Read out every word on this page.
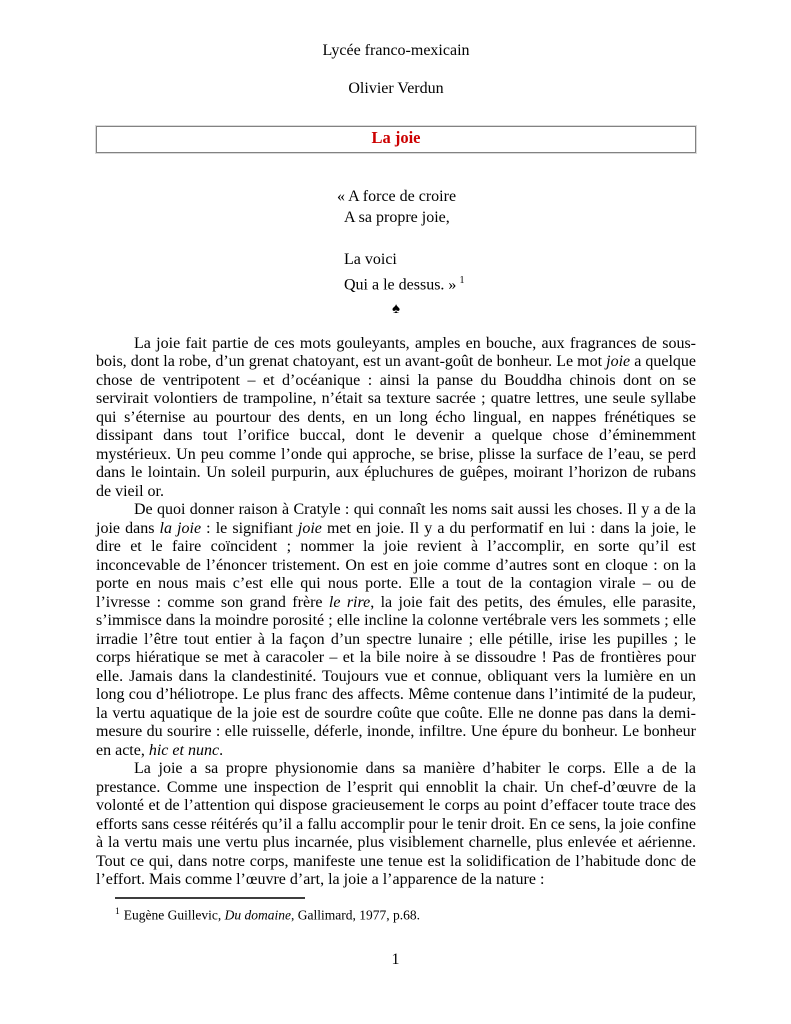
Lycée franco-mexicain
Olivier Verdun
La joie
« A force de croire
A sa propre joie,
La voici
Qui a le dessus. » $^1$
♠

La joie fait partie de ces mots gouleyants, amples en bouche, aux fragrances de sous-bois, dont la robe, d’un grenat chatoyant, est un avant-goût de bonheur. Le mot joie a quelque chose de ventripotent – et d’océanique : ainsi la panse du Bouddha chinois dont on se servirait volontiers de trampoline, n’était sa texture sacrée ; quatre lettres, une seule syllabe qui s’éternise au pourtour des dents, en un long écho lingual, en nappes frénétiques se dissipant dans tout l’orifice buccal, dont le devenir a quelque chose d’éminemment mystérieux. Un peu comme l’onde qui approche, se brise, plisse la surface de l’eau, se perd dans le lointain. Un soleil purpurin, aux épluchures de guêpes, moirant l’horizon de rubans de vieil or.

De quoi donner raison à Cratyle : qui connaît les noms sait aussi les choses. Il y a de la joie dans la joie : le signifiant joie met en joie. Il y a du performatif en lui : dans la joie, le dire et le faire coïncident ; nommer la joie revient à l’accomplir, en sorte qu’il est inconcevable de l’énoncer tristement. On est en joie comme d’autres sont en cloque : on la porte en nous mais c’est elle qui nous porte. Elle a tout de la contagion virale – ou de l’ivresse : comme son grand frère le rire, la joie fait des petits, des émules, elle parasite, s’immisce dans la moindre porosité ; elle incline la colonne vertébrale vers les sommets ; elle irradie l’être tout entier à la façon d’un spectre lunaire ; elle pétille, irise les pupilles ; le corps hiératique se met à caracoler – et la bile noire à se dissoudre ! Pas de frontières pour elle. Jamais dans la clandestinité. Toujours vue et connue, obliquant vers la lumière en un long cou d’héliotrope. Le plus franc des affects. Même contenue dans l’intimité de la pudeur, la vertu aquatique de la joie est de sourdre coûte que coûte. Elle ne donne pas dans la demi-mesure du sourire : elle ruisselle, déferle, inonde, infiltre. Une épure du bonheur. Le bonheur en acte, hic et nunc.

La joie a sa propre physionomie dans sa manière d’habiter le corps. Elle a de la prestance. Comme une inspection de l’esprit qui ennoblit la chair. Un chef-d’œuvre de la volonté et de l’attention qui dispose gracieusement le corps au point d’effacer toute trace des efforts sans cesse réitérés qu’il a fallu accomplir pour le tenir droit. En ce sens, la joie confine à la vertu mais une vertu plus incarnée, plus visiblement charnelle, plus enlevée et aérienne. Tout ce qui, dans notre corps, manifeste une tenue est la solidification de l’habitude donc de l’effort. Mais comme l’œuvre d’art, la joie a l’apparence de la nature :

$^1$ Eugène Guillevic, Du domaine, Gallimard, 1977, p.68.
1
